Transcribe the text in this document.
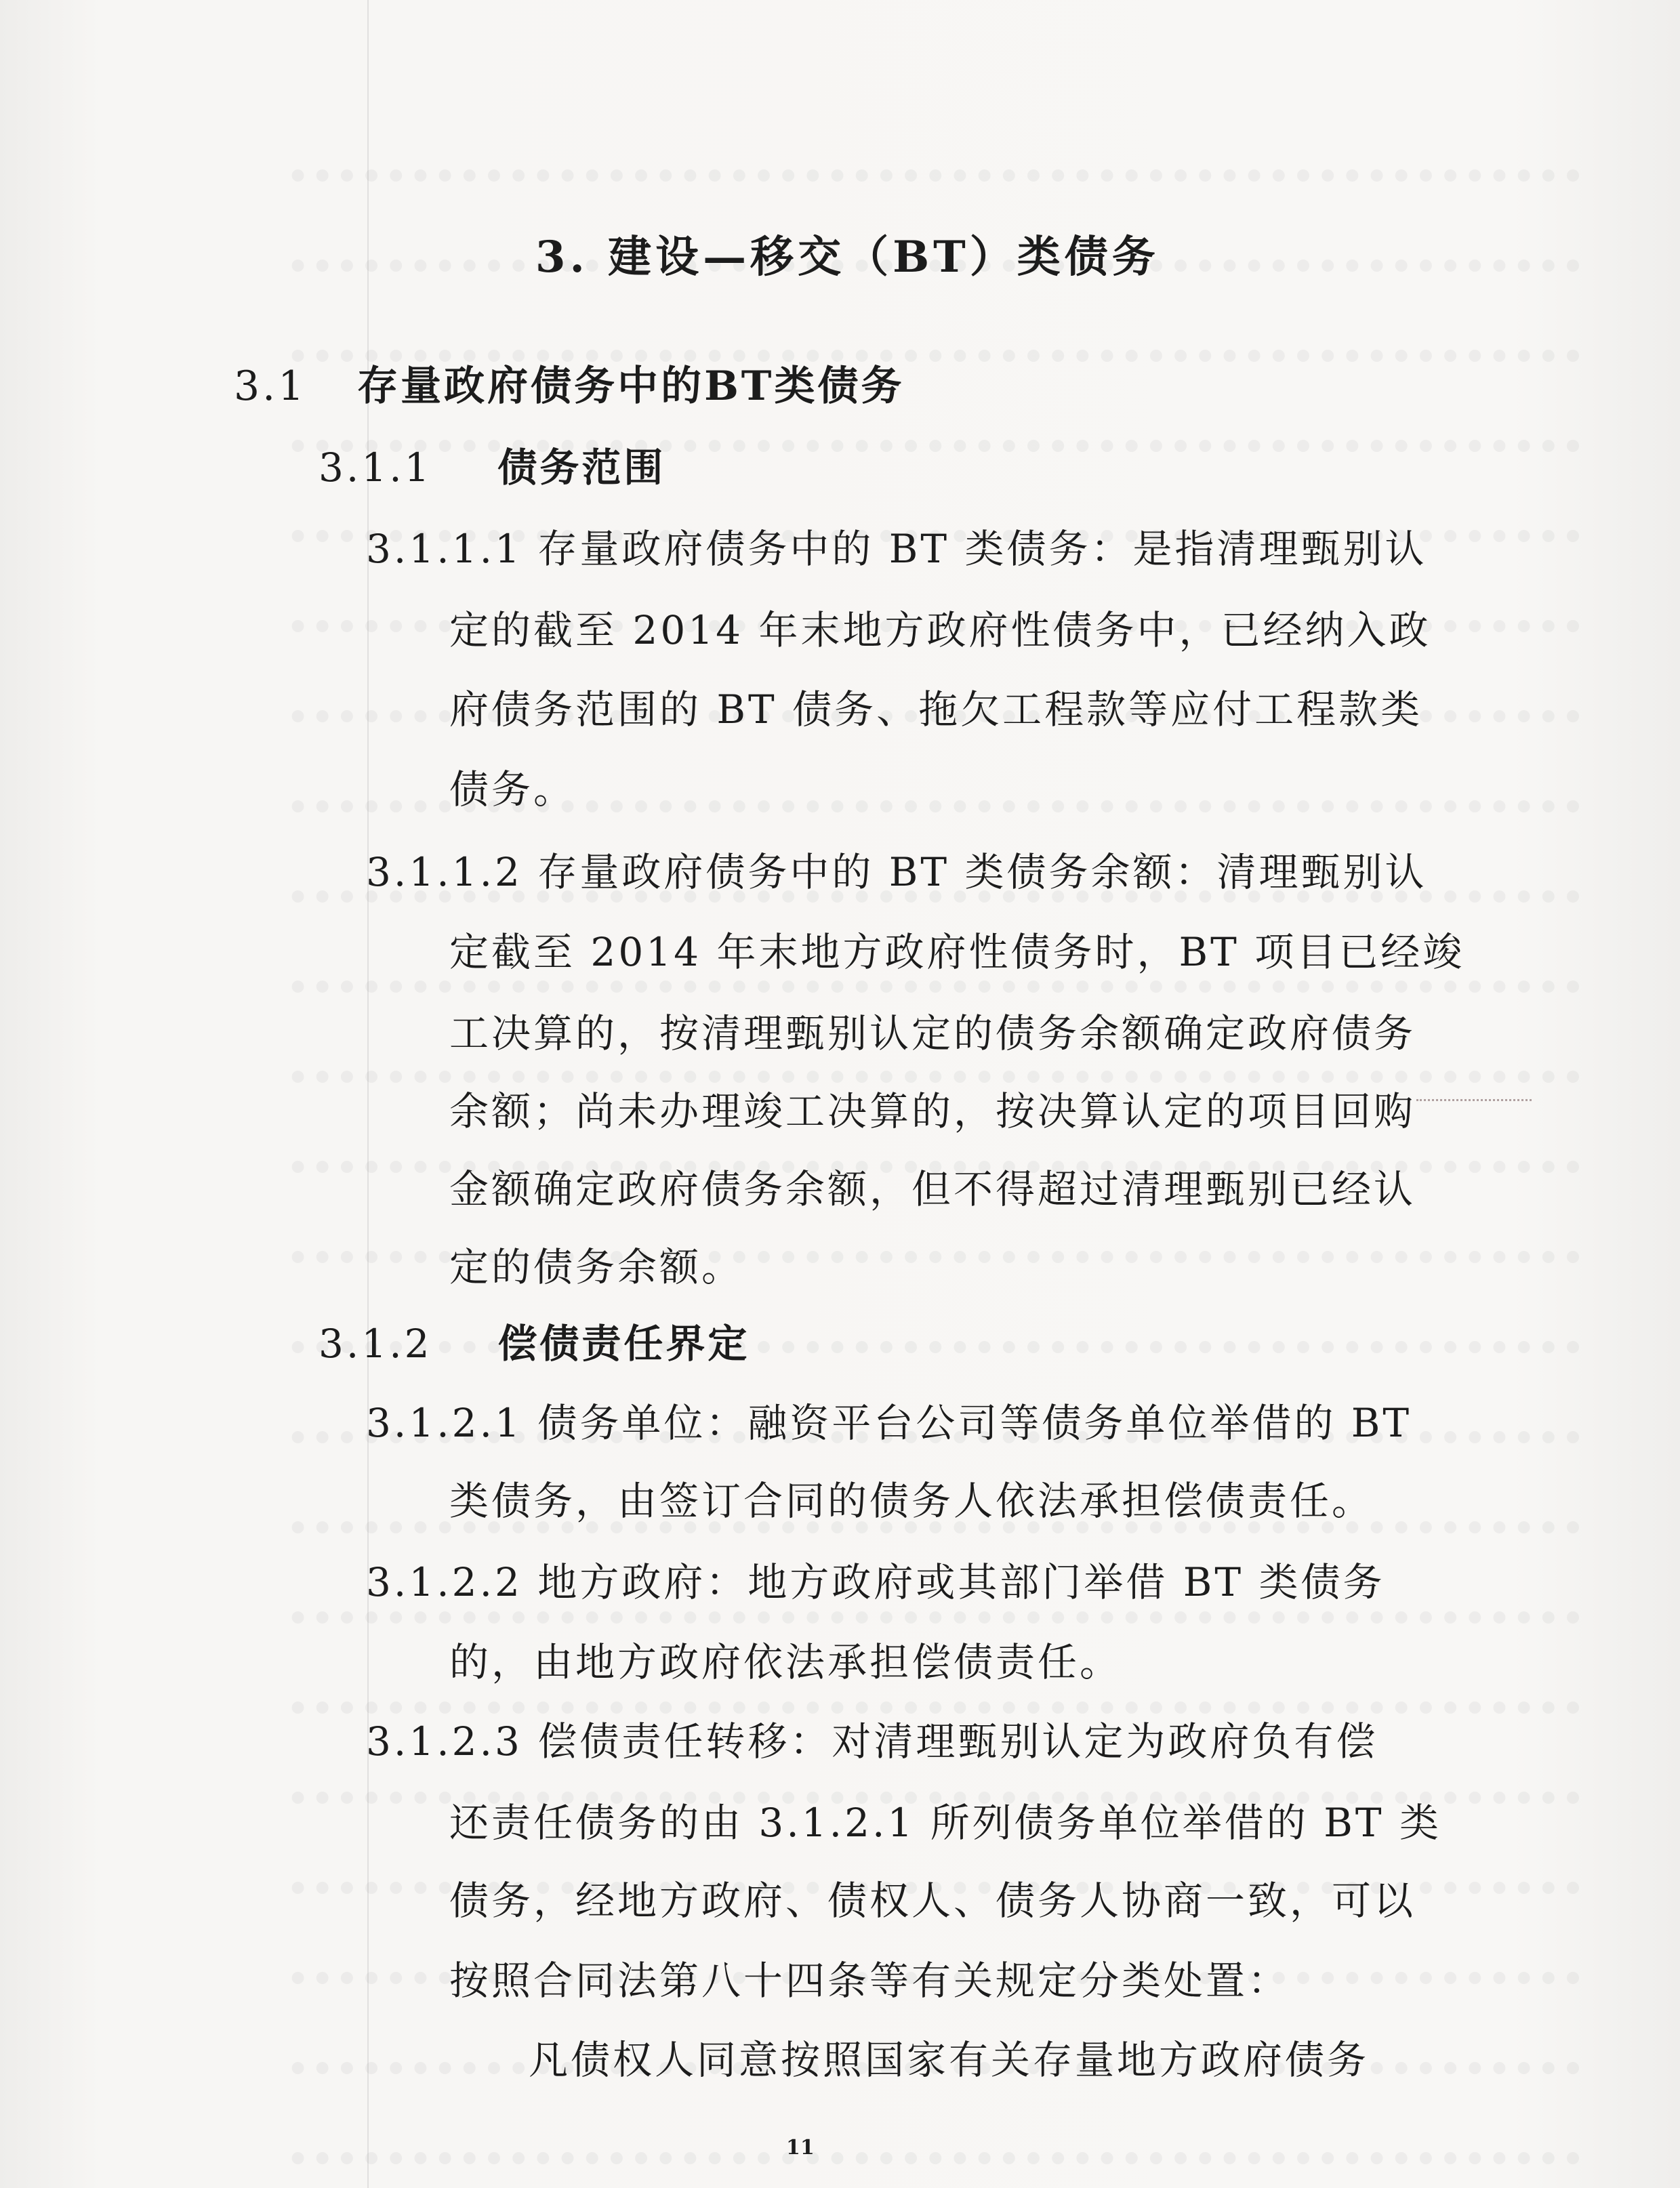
3. 建设—移交（BT）类债务
3.1 存量政府债务中的BT类债务
3.1.1 债务范围
3.1.1.1 存量政府债务中的 BT 类债务：是指清理甄别认
定的截至 2014 年末地方政府性债务中，已经纳入政
府债务范围的 BT 债务、拖欠工程款等应付工程款类
债务。
3.1.1.2 存量政府债务中的 BT 类债务余额：清理甄别认
定截至 2014 年末地方政府性债务时，BT 项目已经竣
工决算的，按清理甄别认定的债务余额确定政府债务
余额；尚未办理竣工决算的，按决算认定的项目回购
金额确定政府债务余额，但不得超过清理甄别已经认
定的债务余额。
3.1.2 偿债责任界定
3.1.2.1 债务单位：融资平台公司等债务单位举借的 BT
类债务，由签订合同的债务人依法承担偿债责任。
3.1.2.2 地方政府：地方政府或其部门举借 BT 类债务
的，由地方政府依法承担偿债责任。
3.1.2.3 偿债责任转移：对清理甄别认定为政府负有偿
还责任债务的由 3.1.2.1 所列债务单位举借的 BT 类
债务，经地方政府、债权人、债务人协商一致，可以
按照合同法第八十四条等有关规定分类处置：
凡债权人同意按照国家有关存量地方政府债务
11
